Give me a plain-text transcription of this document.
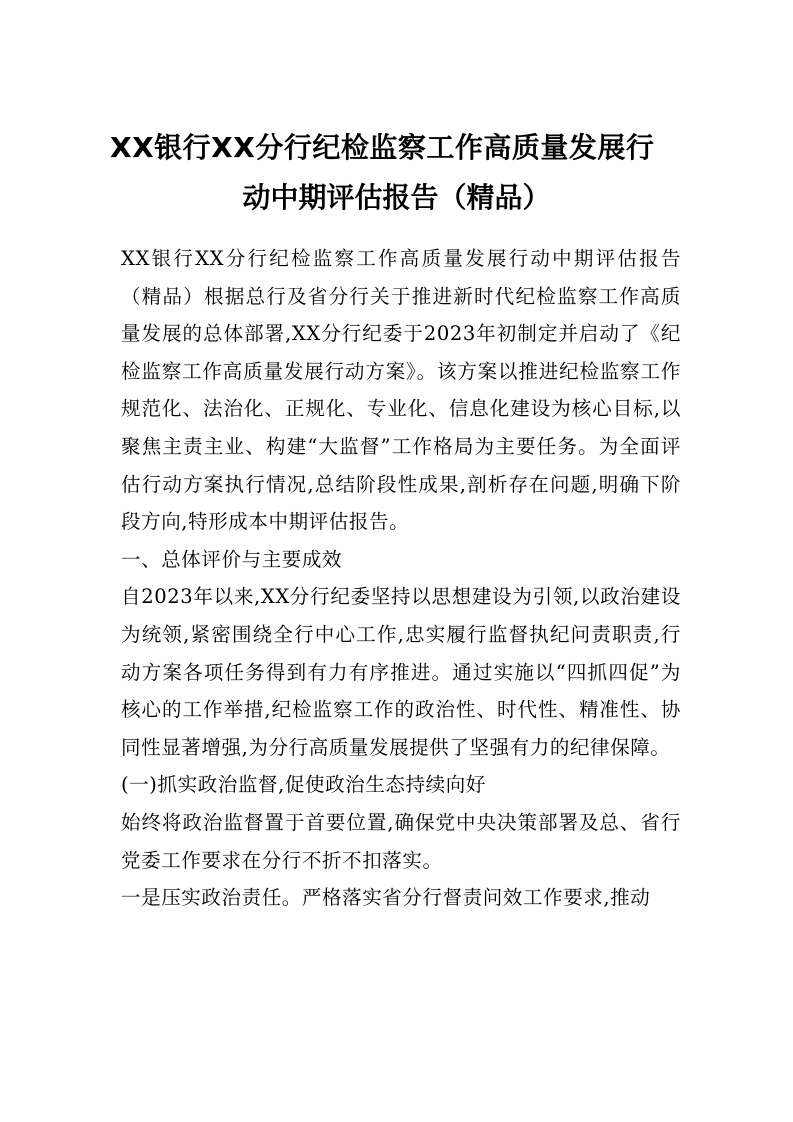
XX银行XX分行纪检监察工作高质量发展行
动中期评估报告（精品）

XX银行XX分行纪检监察工作高质量发展行动中期评估报告（精品）根据总行及省分行关于推进新时代纪检监察工作高质量发展的总体部署,XX分行纪委于2023年初制定并启动了《纪检监察工作高质量发展行动方案》。该方案以推进纪检监察工作规范化、法治化、正规化、专业化、信息化建设为核心目标,以聚焦主责主业、构建“大监督”工作格局为主要任务。为全面评估行动方案执行情况,总结阶段性成果,剖析存在问题,明确下阶段方向,特形成本中期评估报告。

一、总体评价与主要成效

自2023年以来,XX分行纪委坚持以思想建设为引领,以政治建设为统领,紧密围绕全行中心工作,忠实履行监督执纪问责职责,行动方案各项任务得到有力有序推进。通过实施以“四抓四促”为核心的工作举措,纪检监察工作的政治性、时代性、精准性、协同性显著增强,为分行高质量发展提供了坚强有力的纪律保障。

(一)抓实政治监督,促使政治生态持续向好

始终将政治监督置于首要位置,确保党中央决策部署及总、省行党委工作要求在分行不折不扣落实。

一是压实政治责任。严格落实省分行督责问效工作要求,推动
